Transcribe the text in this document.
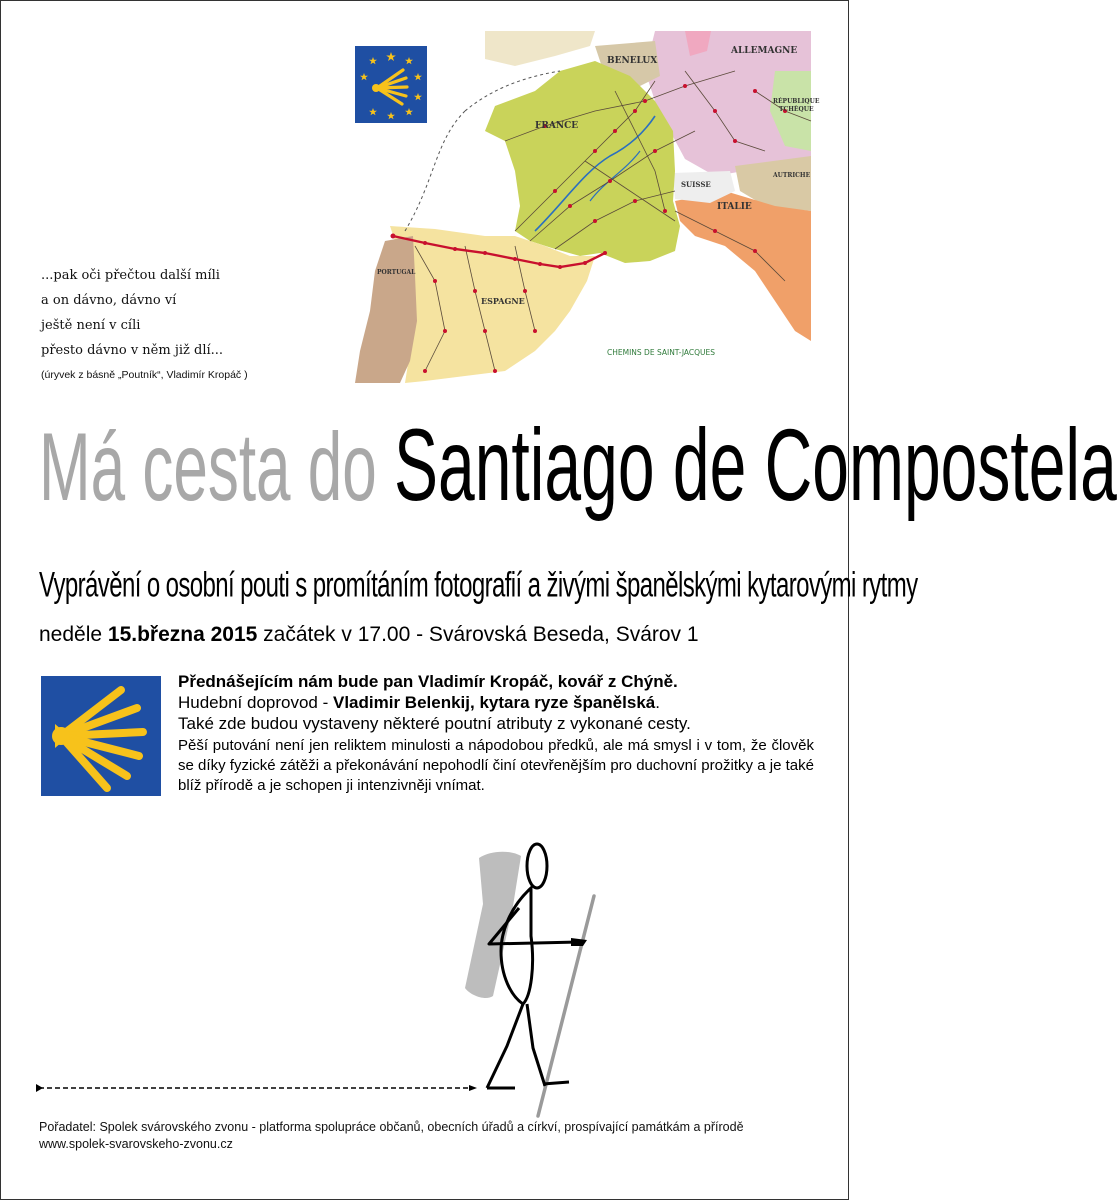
BENELUX
ALLEMAGNE
FRANCE
RÉPUBLIQUE
TCHÈQUE
AUTRICHE
SUISSE
ITALIE
PORTUGAL
ESPAGNE
CHEMINS DE SAINT-JACQUES
...pak oči přečtou další míli
a on dávno, dávno ví
ještě není v cíli
přesto dávno v něm již dlí...
(úryvek z básně „Poutník“, Vladimír Kropáč )
Má cesta do Santiago de Compostela
Vyprávění o osobní pouti s promítáním fotografií a živými španělskými kytarovými rytmy
neděle 15.března 2015 začátek v 17.00 - Svárovská Beseda, Svárov 1
Přednášejícím nám bude pan Vladimír Kropáč, kovář z Chýně.
Hudební doprovod - Vladimir Belenkij, kytara ryze španělská.
Také zde budou vystaveny některé poutní atributy z vykonané cesty.
Pěší putování není jen reliktem minulosti a nápodobou předků, ale má smysl i v tom, že člověk se díky fyzické zátěži a překonávání nepohodlí činí otevřenějším pro duchovní prožitky a je také blíž přírodě a je schopen ji intenzivněji vnímat.
Pořadatel: Spolek svárovského zvonu - platforma spolupráce občanů, obecních úřadů a církví, prospívající památkám a přírodě
www.spolek-svarovskeho-zvonu.cz
